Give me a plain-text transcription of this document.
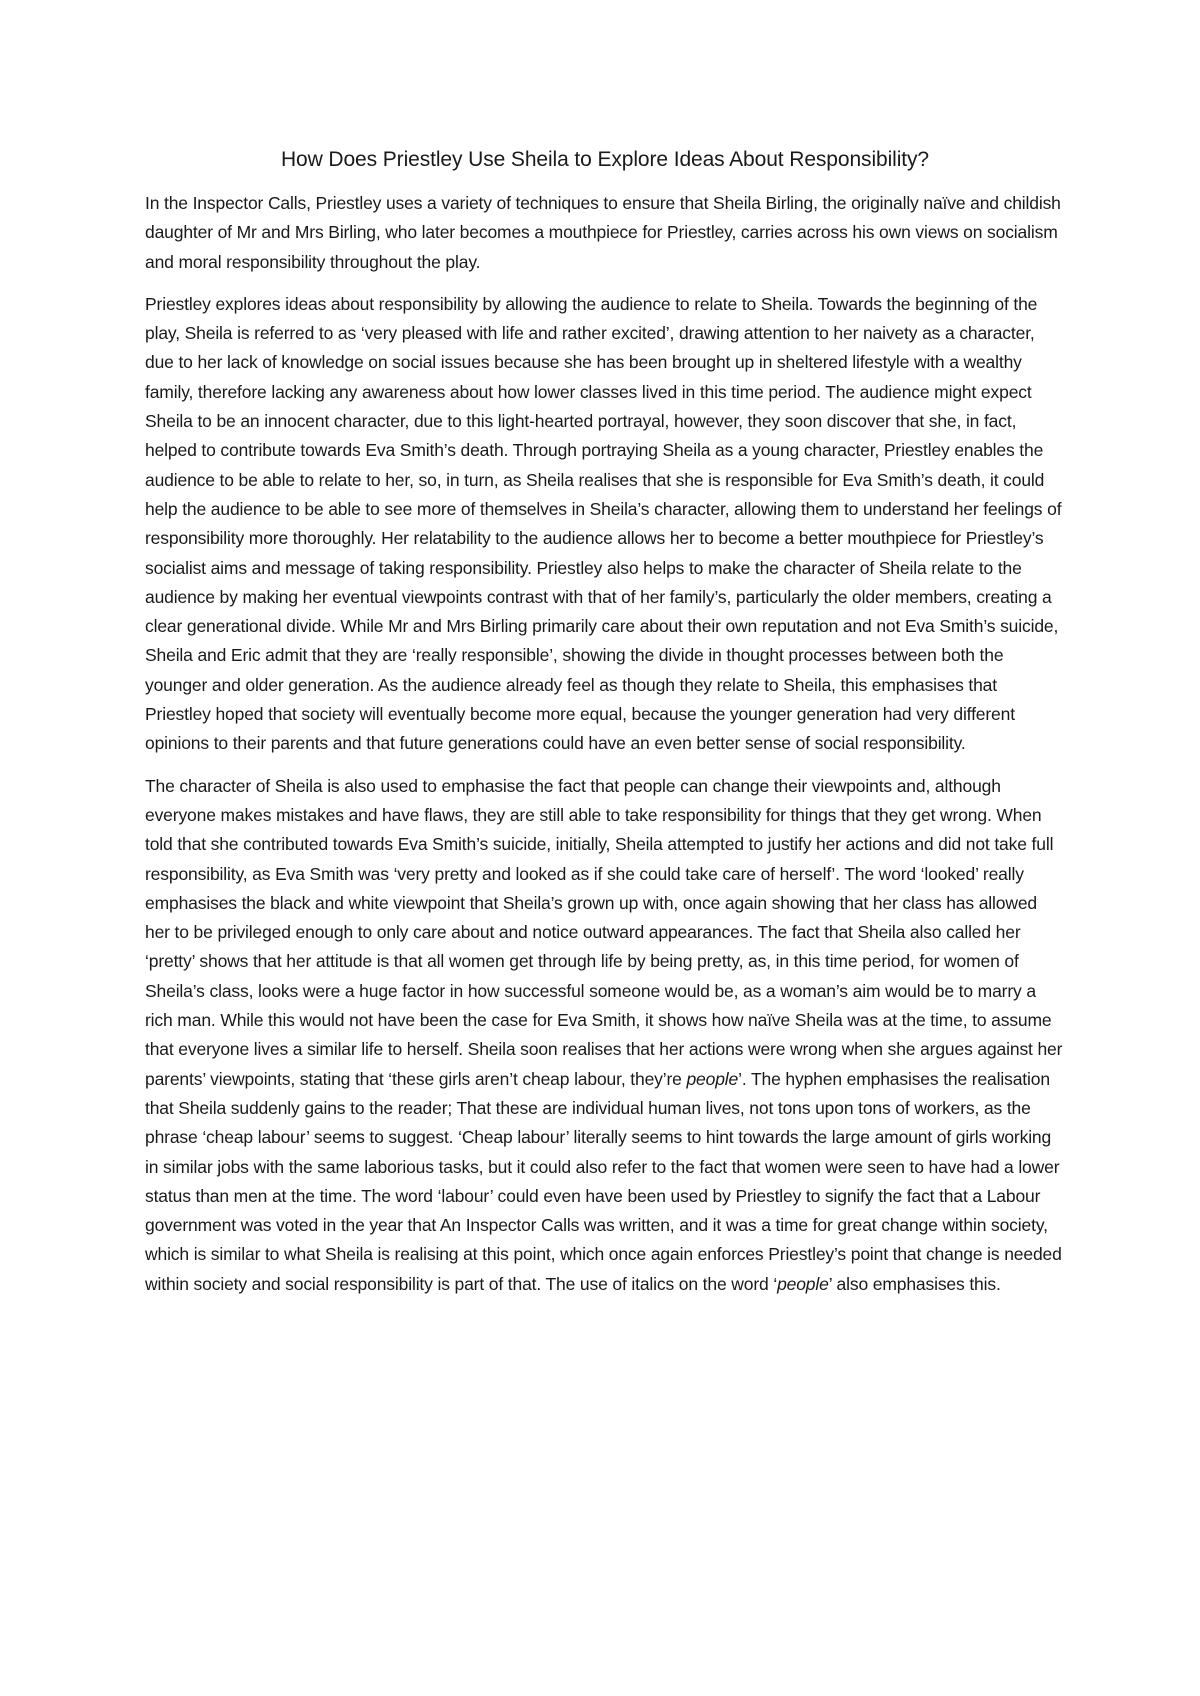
How Does Priestley Use Sheila to Explore Ideas About Responsibility?

In the Inspector Calls, Priestley uses a variety of techniques to ensure that Sheila Birling, the originally naïve and childish daughter of Mr and Mrs Birling, who later becomes a mouthpiece for Priestley, carries across his own views on socialism and moral responsibility throughout the play.

Priestley explores ideas about responsibility by allowing the audience to relate to Sheila. Towards the beginning of the play, Sheila is referred to as ‘very pleased with life and rather excited’, drawing attention to her naivety as a character, due to her lack of knowledge on social issues because she has been brought up in sheltered lifestyle with a wealthy family, therefore lacking any awareness about how lower classes lived in this time period. The audience might expect Sheila to be an innocent character, due to this light-hearted portrayal, however, they soon discover that she, in fact, helped to contribute towards Eva Smith’s death. Through portraying Sheila as a young character, Priestley enables the audience to be able to relate to her, so, in turn, as Sheila realises that she is responsible for Eva Smith’s death, it could help the audience to be able to see more of themselves in Sheila’s character, allowing them to understand her feelings of responsibility more thoroughly. Her relatability to the audience allows her to become a better mouthpiece for Priestley’s socialist aims and message of taking responsibility. Priestley also helps to make the character of Sheila relate to the audience by making her eventual viewpoints contrast with that of her family’s, particularly the older members, creating a clear generational divide. While Mr and Mrs Birling primarily care about their own reputation and not Eva Smith’s suicide, Sheila and Eric admit that they are ‘really responsible’, showing the divide in thought processes between both the younger and older generation. As the audience already feel as though they relate to Sheila, this emphasises that Priestley hoped that society will eventually become more equal, because the younger generation had very different opinions to their parents and that future generations could have an even better sense of social responsibility.

The character of Sheila is also used to emphasise the fact that people can change their viewpoints and, although everyone makes mistakes and have flaws, they are still able to take responsibility for things that they get wrong. When told that she contributed towards Eva Smith’s suicide, initially, Sheila attempted to justify her actions and did not take full responsibility, as Eva Smith was ‘very pretty and looked as if she could take care of herself’. The word ‘looked’ really emphasises the black and white viewpoint that Sheila’s grown up with, once again showing that her class has allowed her to be privileged enough to only care about and notice outward appearances. The fact that Sheila also called her ‘pretty’ shows that her attitude is that all women get through life by being pretty, as, in this time period, for women of Sheila’s class, looks were a huge factor in how successful someone would be, as a woman’s aim would be to marry a rich man. While this would not have been the case for Eva Smith, it shows how naïve Sheila was at the time, to assume that everyone lives a similar life to herself. Sheila soon realises that her actions were wrong when she argues against her parents’ viewpoints, stating that ‘these girls aren’t cheap labour, they’re people’. The hyphen emphasises the realisation that Sheila suddenly gains to the reader; That these are individual human lives, not tons upon tons of workers, as the phrase ‘cheap labour’ seems to suggest. ‘Cheap labour’ literally seems to hint towards the large amount of girls working in similar jobs with the same laborious tasks, but it could also refer to the fact that women were seen to have had a lower status than men at the time. The word ‘labour’ could even have been used by Priestley to signify the fact that a Labour government was voted in the year that An Inspector Calls was written, and it was a time for great change within society, which is similar to what Sheila is realising at this point, which once again enforces Priestley’s point that change is needed within society and social responsibility is part of that. The use of italics on the word ‘people’ also emphasises this.
